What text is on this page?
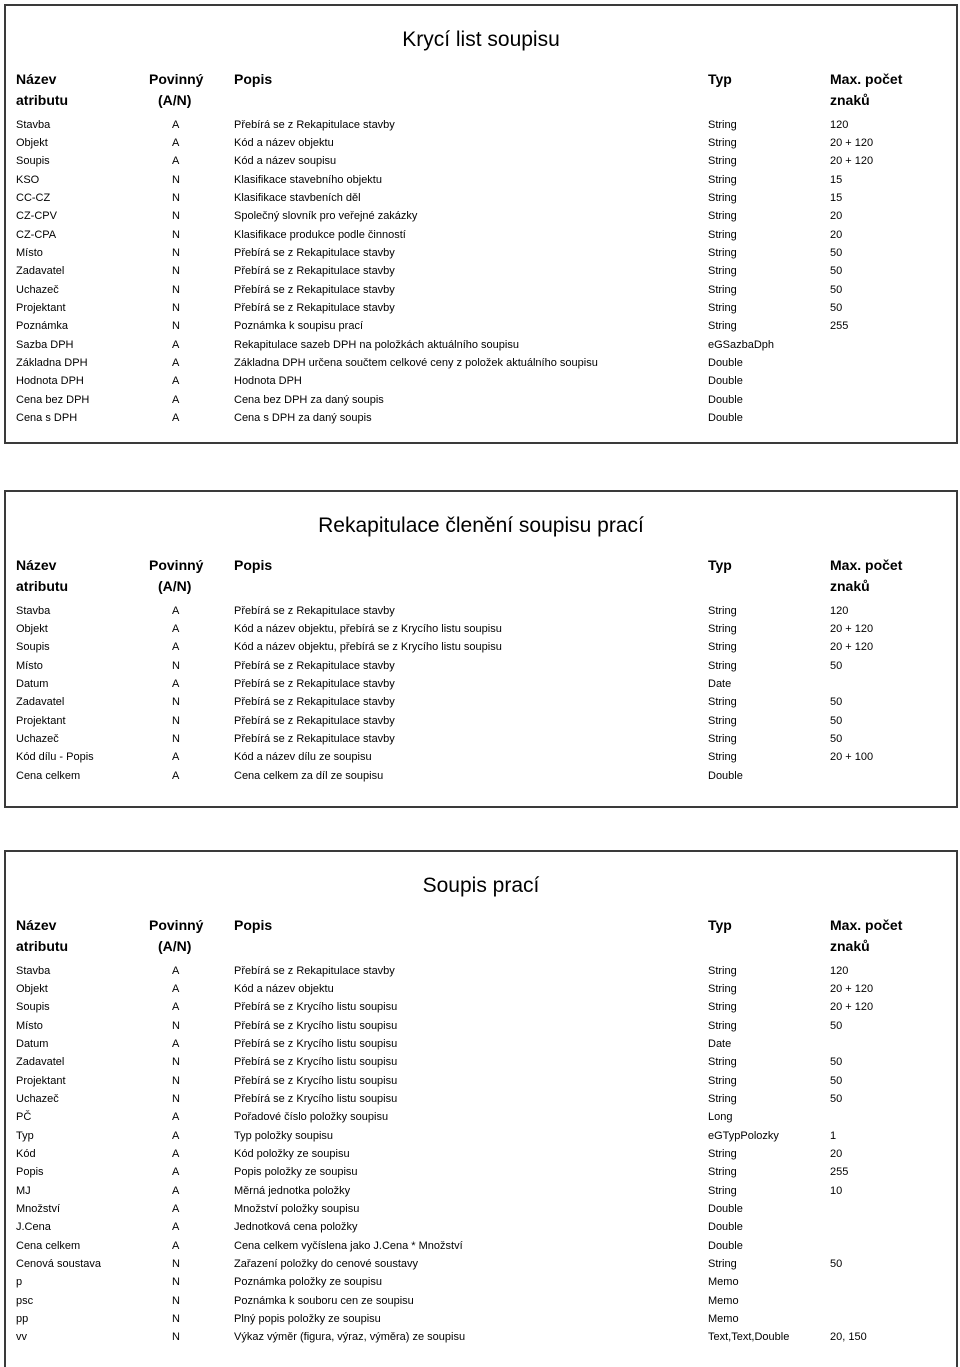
Krycí list soupisu
Název	Povinný Popis	Typ	Max. počet
atributu	(A/N)	znaků
Stavba	A	Přebírá se z Rekapitulace stavby	String	120
Objekt	A	Kód a název objektu	String	20 + 120
Soupis	A	Kód a název soupisu	String	20 + 120
KSO	N	Klasifikace stavebního objektu	String	15
CC-CZ	N	Klasifikace stavbeních děl	String	15
CZ-CPV	N	Společný slovník pro veřejné zakázky	String	20
CZ-CPA	N	Klasifikace produkce podle činností	String	20
Místo	N	Přebírá se z Rekapitulace stavby	String	50
Zadavatel	N	Přebírá se z Rekapitulace stavby	String	50
Uchazeč	N	Přebírá se z Rekapitulace stavby	String	50
Projektant	N	Přebírá se z Rekapitulace stavby	String	50
Poznámka	N	Poznámka k soupisu prací	String	255
Sazba DPH	A	Rekapitulace sazeb DPH na položkách aktuálního soupisu	eGSazbaDph
Základna DPH	A	Základna DPH určena součtem celkové ceny z položek aktuálního soupisu	Double
Hodnota DPH	A	Hodnota DPH	Double
Cena bez DPH	A	Cena bez DPH za daný soupis	Double
Cena s DPH	A	Cena s DPH za daný soupis	Double
Rekapitulace členění soupisu prací
Název	Povinný Popis	Typ	Max. počet
atributu	(A/N)	znaků
Stavba	A	Přebírá se z Rekapitulace stavby	String	120
Objekt	A	Kód a název objektu, přebírá se z Krycího listu soupisu	String	20 + 120
Soupis	A	Kód a název objektu, přebírá se z Krycího listu soupisu	String	20 + 120
Místo	N	Přebírá se z Rekapitulace stavby	String	50
Datum	A	Přebírá se z Rekapitulace stavby	Date
Zadavatel	N	Přebírá se z Rekapitulace stavby	String	50
Projektant	N	Přebírá se z Rekapitulace stavby	String	50
Uchazeč	N	Přebírá se z Rekapitulace stavby	String	50
Kód dílu - Popis	A	Kód a název dílu ze soupisu	String	20 + 100
Cena celkem	A	Cena celkem za díl ze soupisu	Double
Soupis prací
Název	Povinný Popis	Typ	Max. počet
atributu	(A/N)	znaků
Stavba	A	Přebírá se z Rekapitulace stavby	String	120
Objekt	A	Kód a název objektu	String	20 + 120
Soupis	A	Přebírá se z Krycího listu soupisu	String	20 + 120
Místo	N	Přebírá se z Krycího listu soupisu	String	50
Datum	A	Přebírá se z Krycího listu soupisu	Date
Zadavatel	N	Přebírá se z Krycího listu soupisu	String	50
Projektant	N	Přebírá se z Krycího listu soupisu	String	50
Uchazeč	N	Přebírá se z Krycího listu soupisu	String	50
PČ	A	Pořadové číslo položky soupisu	Long
Typ	A	Typ položky soupisu	eGTypPolozky	1
Kód	A	Kód položky ze soupisu	String	20
Popis	A	Popis položky ze soupisu	String	255
MJ	A	Měrná jednotka položky	String	10
Množství	A	Množství položky soupisu	Double
J.Cena	A	Jednotková cena položky	Double
Cena celkem	A	Cena celkem vyčíslena jako J.Cena * Množství	Double
Cenová soustava	N	Zařazení položky do cenové soustavy	String	50
p	N	Poznámka položky ze soupisu	Memo
psc	N	Poznámka k souboru cen ze soupisu	Memo
pp	N	Plný popis položky ze soupisu	Memo
vv	N	Výkaz výměr (figura, výraz, výměra) ze soupisu	Text,Text,Double	20, 150
